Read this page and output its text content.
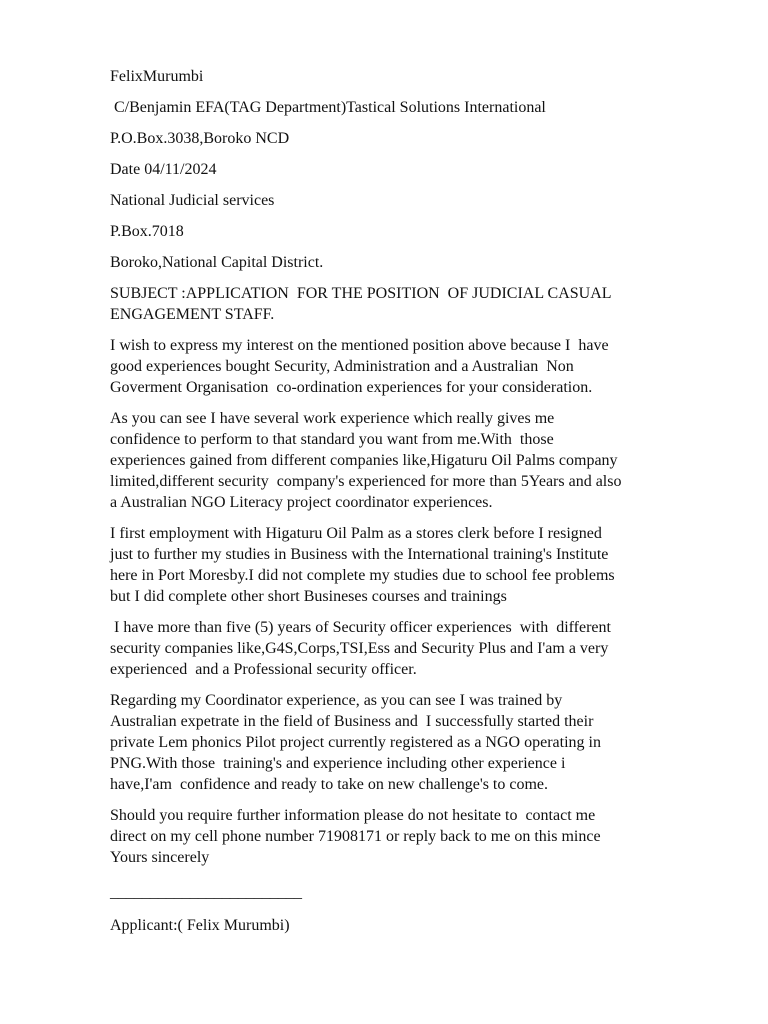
FelixMurumbi
C/Benjamin EFA(TAG Department)Tastical Solutions International
P.O.Box.3038,Boroko NCD
Date 04/11/2024
National Judicial services
P.Box.7018
Boroko,National Capital District.
SUBJECT :APPLICATION  FOR THE POSITION  OF JUDICIAL CASUAL
ENGAGEMENT STAFF.
I wish to express my interest on the mentioned position above because I  have
good experiences bought Security, Administration and a Australian  Non
Goverment Organisation  co-ordination experiences for your consideration.
As you can see I have several work experience which really gives me
confidence to perform to that standard you want from me.With  those
experiences gained from different companies like,Higaturu Oil Palms company
limited,different security  company's experienced for more than 5Years and also
a Australian NGO Literacy project coordinator experiences.
I first employment with Higaturu Oil Palm as a stores clerk before I resigned
just to further my studies in Business with the International training's Institute
here in Port Moresby.I did not complete my studies due to school fee problems
but I did complete other short Busineses courses and trainings
I have more than five (5) years of Security officer experiences  with  different
security companies like,G4S,Corps,TSI,Ess and Security Plus and I'am a very
experienced  and a Professional security officer.
Regarding my Coordinator experience, as you can see I was trained by
Australian expetrate in the field of Business and  I successfully started their
private Lem phonics Pilot project currently registered as a NGO operating in
PNG.With those  training's and experience including other experience i
have,I'am  confidence and ready to take on new challenge's to come.
Should you require further information please do not hesitate to  contact me
direct on my cell phone number 71908171 or reply back to me on this mince
Yours sincerely
________________________
Applicant:( Felix Murumbi)
